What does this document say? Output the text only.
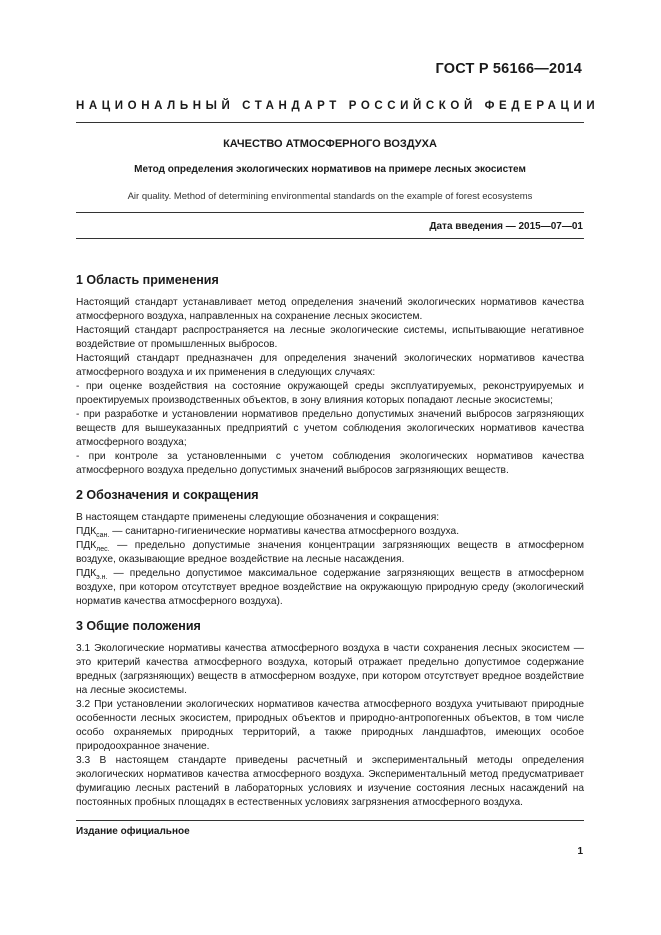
ГОСТ Р 56166—2014
НАЦИОНАЛЬНЫЙ СТАНДАРТ РОССИЙСКОЙ ФЕДЕРАЦИИ
КАЧЕСТВО АТМОСФЕРНОГО ВОЗДУХА
Метод определения экологических нормативов на примере лесных экосистем
Air quality. Method of determining environmental standards on the example of forest ecosystems
Дата введения — 2015—07—01
1 Область применения

Настоящий стандарт устанавливает метод определения значений экологических нормативов качества атмосферного воздуха, направленных на сохранение лесных экосистем.

Настоящий стандарт распространяется на лесные экологические системы, испытывающие негативное воздействие от промышленных выбросов.

Настоящий стандарт предназначен для определения значений экологических нормативов качества атмосферного воздуха и их применения в следующих случаях:

- при оценке воздействия на состояние окружающей среды эксплуатируемых, реконструируемых и проектируемых производственных объектов, в зону влияния которых попадают лесные экосистемы;

- при разработке и установлении нормативов предельно допустимых значений выбросов загрязняющих веществ для вышеуказанных предприятий с учетом соблюдения экологических нормативов качества атмосферного воздуха;

- при контроле за установленными с учетом соблюдения экологических нормативов качества атмосферного воздуха предельно допустимых значений выбросов загрязняющих веществ.

2 Обозначения и сокращения

В настоящем стандарте применены следующие обозначения и сокращения:

$ПДК_{сан.}$ — санитарно-гигиенические нормативы качества атмосферного воздуха.

$ПДК_{лес.}$ — предельно допустимые значения концентрации загрязняющих веществ в атмосферном воздухе, оказывающие вредное воздействие на лесные насаждения.

$ПДК_{э.н.}$ — предельно допустимое максимальное содержание загрязняющих веществ в атмосферном воздухе, при котором отсутствует вредное воздействие на окружающую природную среду (экологический норматив качества атмосферного воздуха).

3 Общие положения

3.1 Экологические нормативы качества атмосферного воздуха в части сохранения лесных экосистем — это критерий качества атмосферного воздуха, который отражает предельно допустимое содержание вредных (загрязняющих) веществ в атмосферном воздухе, при котором отсутствует вредное воздействие на лесные экосистемы.

3.2 При установлении экологических нормативов качества атмосферного воздуха учитывают природные особенности лесных экосистем, природных объектов и природно-антропогенных объектов, в том числе особо охраняемых природных территорий, а также природных ландшафтов, имеющих особое природоохранное значение.

3.3 В настоящем стандарте приведены расчетный и экспериментальный методы определения экологических нормативов качества атмосферного воздуха. Экспериментальный метод предусматривает фумигацию лесных растений в лабораторных условиях и изучение состояния лесных насаждений на постоянных пробных площадях в естественных условиях загрязнения атмосферного воздуха.

Издание официальное
1
